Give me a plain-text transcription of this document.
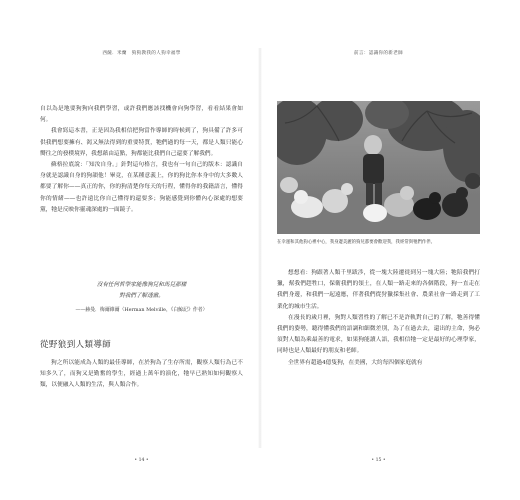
西薩．米蘭　狗狗教我的人狗幸福學

自以為是地要狗狗向我們學習，或許我們應該找機會向狗學習，看看結果會如何。

我會寫這本書，正是因為我相信把狗當作導師的時候到了，狗具備了許多可供我們想要擁有、渴又無法得到的重要特質，牠們過的每一天，都是人類只能心嚮往之的發樸境界，我想藉由這點，狗都能比我們自己還要了解我們。

蘇格拉底說：「知汝自身。」針對這句格言，我也有一句自己的版本：認識自身就是認識自身的狗韻他！畢竟，在某種意義上，你的狗比你本身中的大多數人都要了解你——真正的你，你的狗清楚你每天的行程，懂得你的我籍語言，懂得你的情緒——也許遠比你自己懂得的還要多；狗能感覺到你體內心深處的想要黨，牠是反映你靈魂深處的一面鏡子。

沒有任何哲學家能像狗兒和馬兒那樣
對我們了解透徹。
——赫曼．梅爾維爾（Herman Melville，《白鯨記》作者）
從野狼到人類導師

狗之所以能成為人類的最佳導師，在於狗為了生存所需，觀察人類行為已不知多久了，而狗又是勤奮的學生，經過上萬年的演化，牠早已熟知如何觀察人類，以便融入人類的生活，與人類合作。

• 14 •
前言：認識你的新老師

想想看：狗跟著人類千里跋涉，從一塊大陸遷徙到另一塊大陸；牠陪我們打獵，幫我們趕牲口，保衛我們的領土，在人類一路走來的各個階段，狗一直走在我們身邊，和我們一起遠應，伴著我們從狩獵採集社會、農業社會一路走到了工業化的城市生活。

在漫長的歲月裡，狗對人類習性的了解已不是許軌對自己的了解，牠善得懂我們的姿勢，聽得懂我們的語調和細微差別，為了在過去去，還出的主命，狗必須對人類為乘最善的電求，如果狗能讀人語，我相信牠一定是最好的心理學家，同時也是人類最好的朋友和老師。

全世界有超過4億隻狗，在美國，大約每四個家庭就有

• 15 •
在幸運和其他狗心裡中心，我身邊美麗的狗兒都要會歡迎我，我經常與牠們作伴。
